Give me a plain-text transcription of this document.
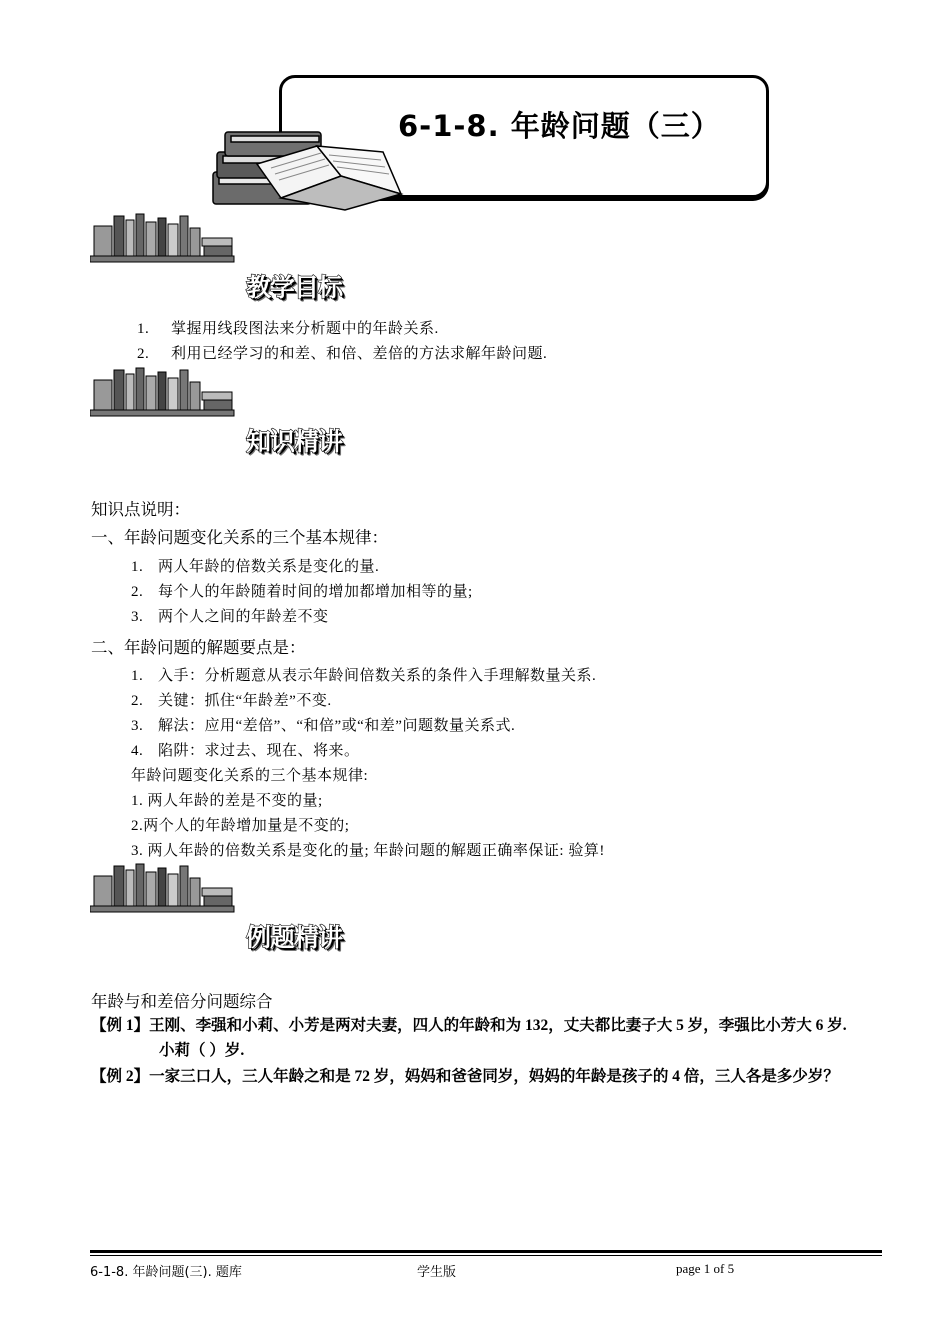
6-1-8. 年龄问题（三）
教学目标
知识精讲
例题精讲
1. 掌握用线段图法来分析题中的年龄关系.
2. 利用已经学习的和差、和倍、差倍的方法求解年龄问题.
知识点说明：
一、年龄问题变化关系的三个基本规律：
1. 两人年龄的倍数关系是变化的量.
2. 每个人的年龄随着时间的增加都增加相等的量;
3. 两个人之间的年龄差不变
二、年龄问题的解题要点是：
1. 入手：分析题意从表示年龄间倍数关系的条件入手理解数量关系.
2. 关键：抓住“年龄差”不变.
3. 解法：应用“差倍”、“和倍”或“和差”问题数量关系式.
4. 陷阱：求过去、现在、将来。
年龄问题变化关系的三个基本规律:
1. 两人年龄的差是不变的量;
2.两个人的年龄增加量是不变的;
3. 两人年龄的倍数关系是变化的量; 年龄问题的解题正确率保证: 验算!
年龄与和差倍分问题综合
【例 1】王刚、李强和小莉、小芳是两对夫妻，四人的年龄和为 132，丈夫都比妻子大 5 岁，李强比小芳大 6 岁.
小莉（ ）岁.
【例 2】一家三口人，三人年龄之和是 72 岁，妈妈和爸爸同岁，妈妈的年龄是孩子的 4 倍，三人各是多少岁？
6-1-8. 年龄问题(三). 题库	学生版	page 1 of 5
